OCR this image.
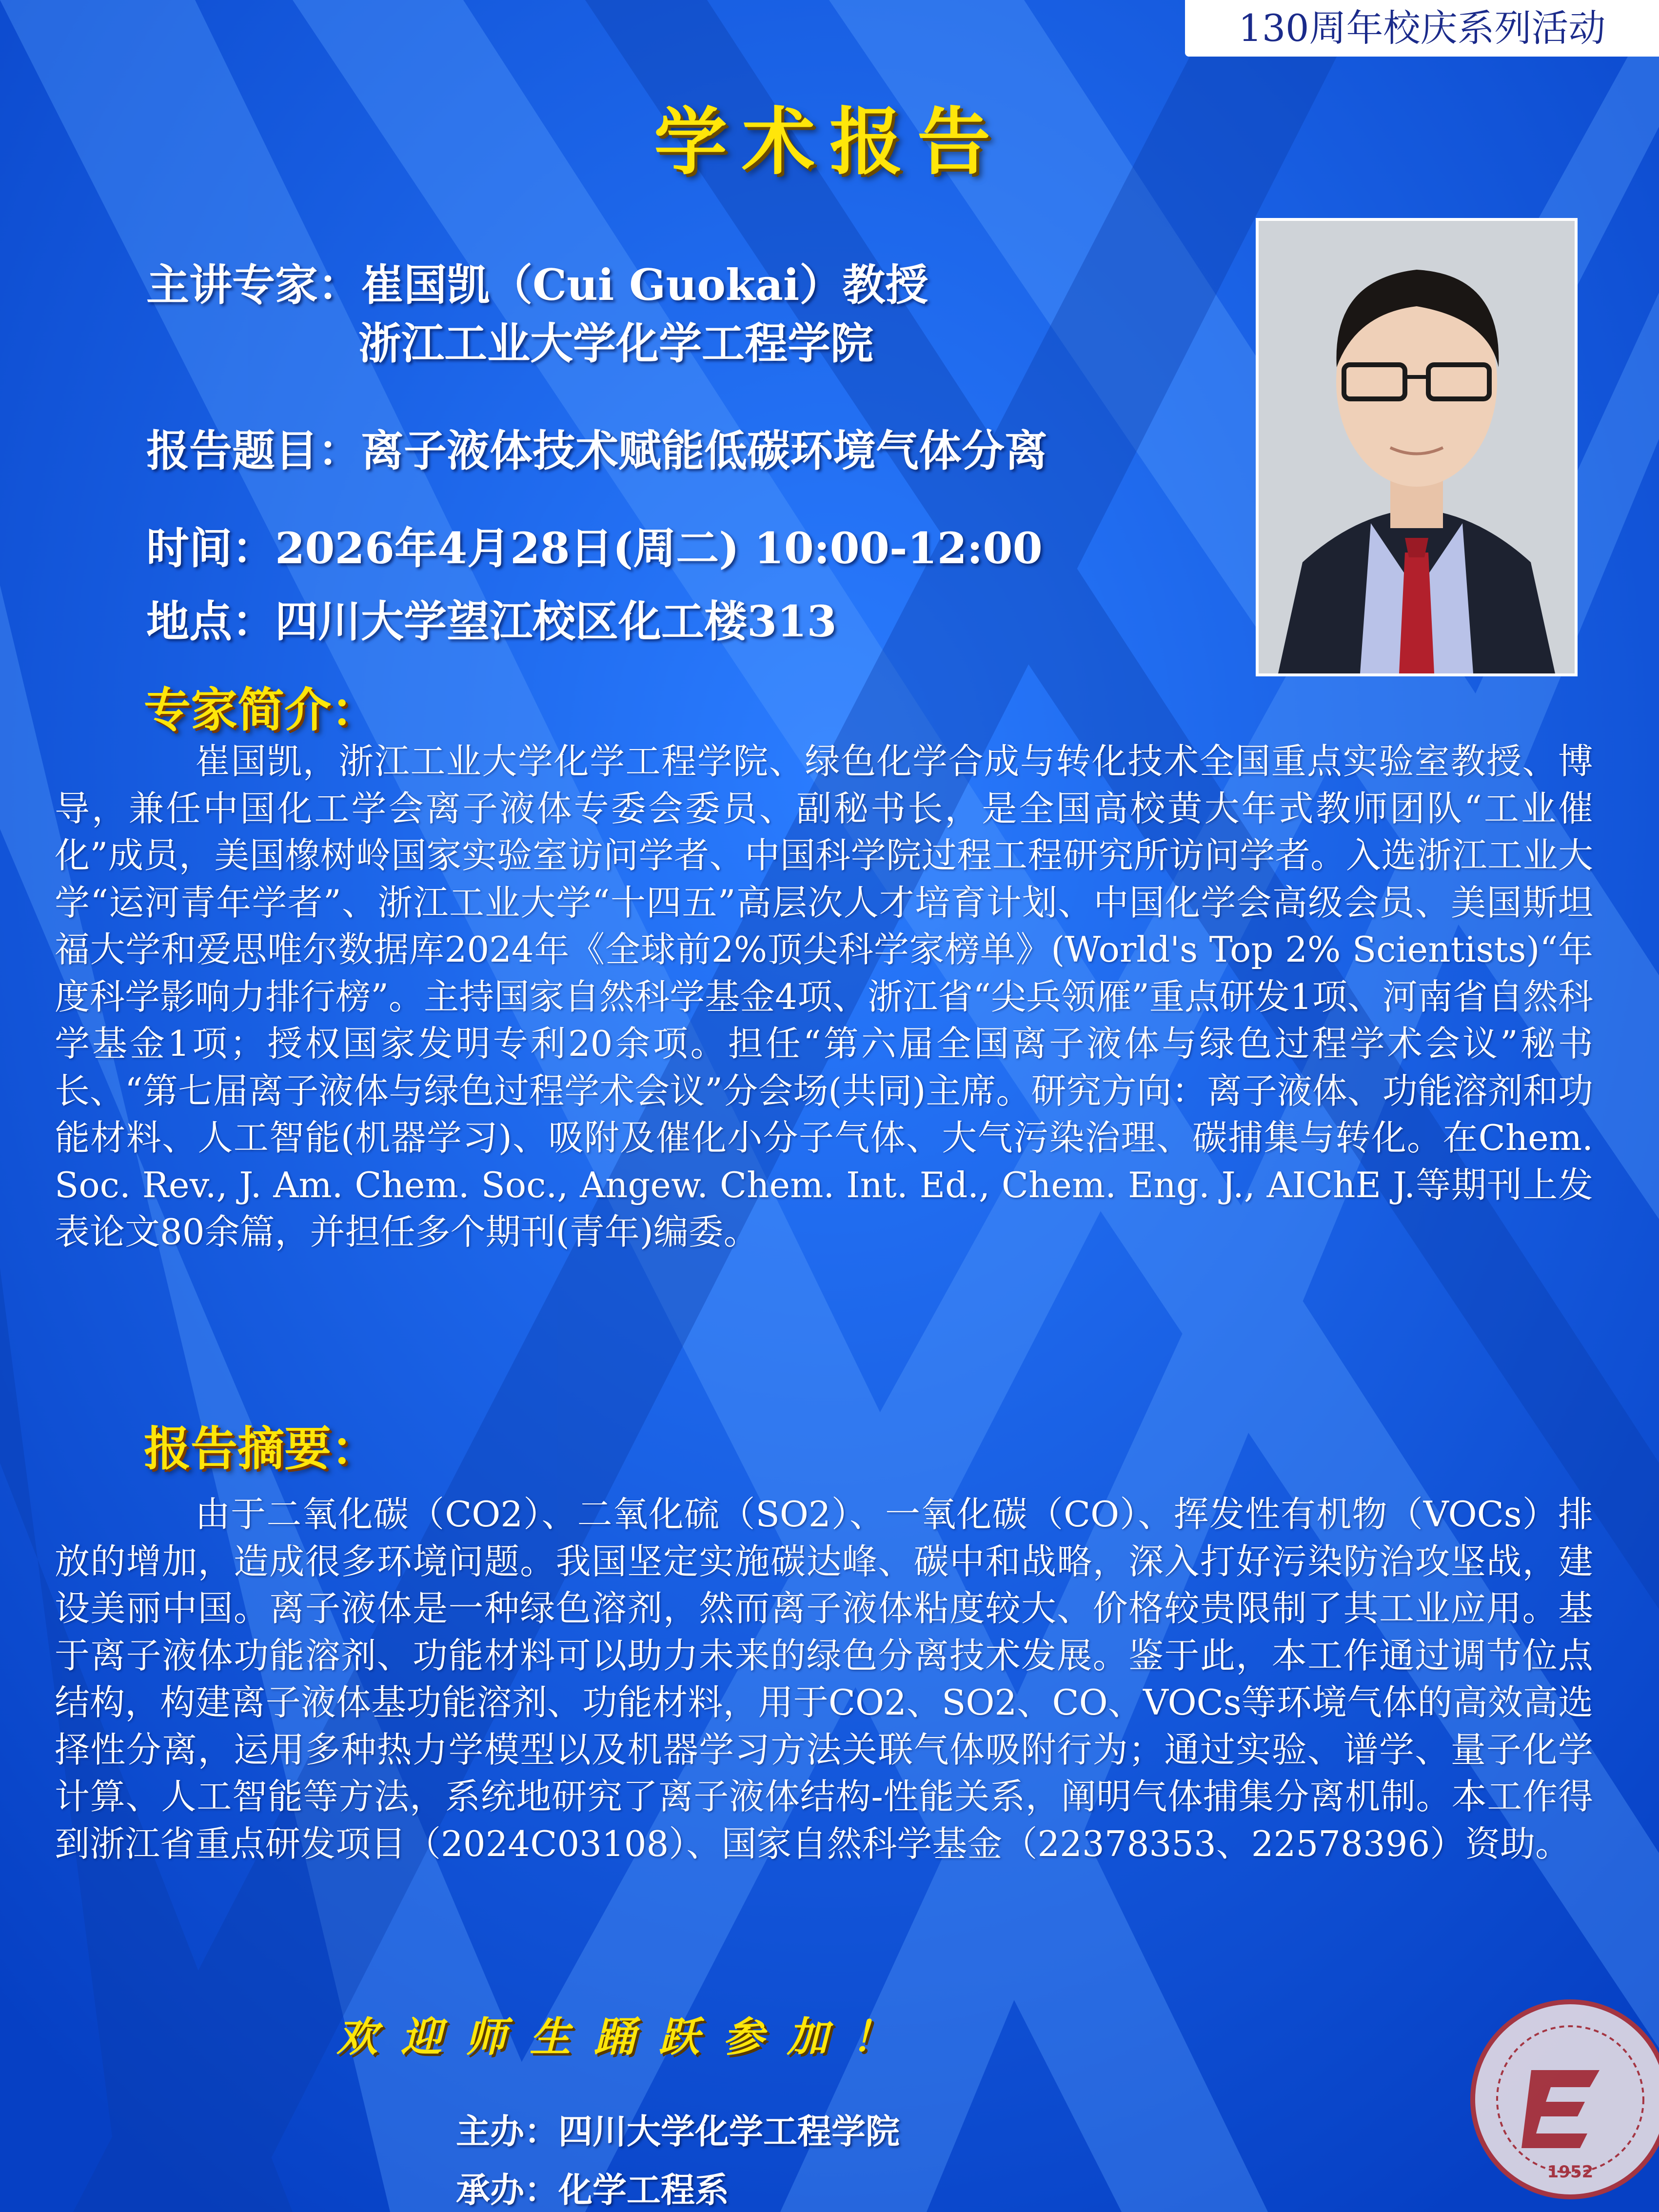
130周年校庆系列活动
学术报告
主讲专家：崔国凯（Cui Guokai）教授
浙江工业大学化学工程学院
报告题目：离子液体技术赋能低碳环境气体分离
时间：2026年4月28日(周二) 10:00-12:00
地点：四川大学望江校区化工楼313
专家简介：

崔国凯，浙江工业大学化学工程学院、绿色化学合成与转化技术全国重点实验室教授、博导，兼任中国化工学会离子液体专委会委员、副秘书长，是全国高校黄大年式教师团队“工业催化”成员，美国橡树岭国家实验室访问学者、中国科学院过程工程研究所访问学者。入选浙江工业大学“运河青年学者”、浙江工业大学“十四五”高层次人才培育计划、中国化学会高级会员、美国斯坦福大学和爱思唯尔数据库2024年《全球前2%顶尖科学家榜单》(World's Top 2% Scientists)“年度科学影响力排行榜”。主持国家自然科学基金4项、浙江省“尖兵领雁”重点研发1项、河南省自然科学基金1项；授权国家发明专利20余项。担任“第六届全国离子液体与绿色过程学术会议”秘书长、“第七届离子液体与绿色过程学术会议”分会场(共同)主席。研究方向：离子液体、功能溶剂和功能材料、人工智能(机器学习)、吸附及催化小分子气体、大气污染治理、碳捕集与转化。在Chem. Soc. Rev., J. Am. Chem. Soc., Angew. Chem. Int. Ed., Chem. Eng. J., AIChE J.等期刊上发表论文80余篇，并担任多个期刊(青年)编委。

报告摘要：

由于二氧化碳（CO2）、二氧化硫（SO2）、一氧化碳（CO）、挥发性有机物（VOCs）排放的增加，造成很多环境问题。我国坚定实施碳达峰、碳中和战略，深入打好污染防治攻坚战，建设美丽中国。离子液体是一种绿色溶剂，然而离子液体粘度较大、价格较贵限制了其工业应用。基于离子液体功能溶剂、功能材料可以助力未来的绿色分离技术发展。鉴于此，本工作通过调节位点结构，构建离子液体基功能溶剂、功能材料，用于CO2、SO2、CO、VOCs等环境气体的高效高选择性分离，运用多种热力学模型以及机器学习方法关联气体吸附行为；通过实验、谱学、量子化学计算、人工智能等方法，系统地研究了离子液体结构-性能关系，阐明气体捕集分离机制。本工作得到浙江省重点研发项目（2024C03108）、国家自然科学基金（22378353、22578396）资助。

欢迎师生踊跃参加！
主办：四川大学化学工程学院
承办：化学工程系	1952
